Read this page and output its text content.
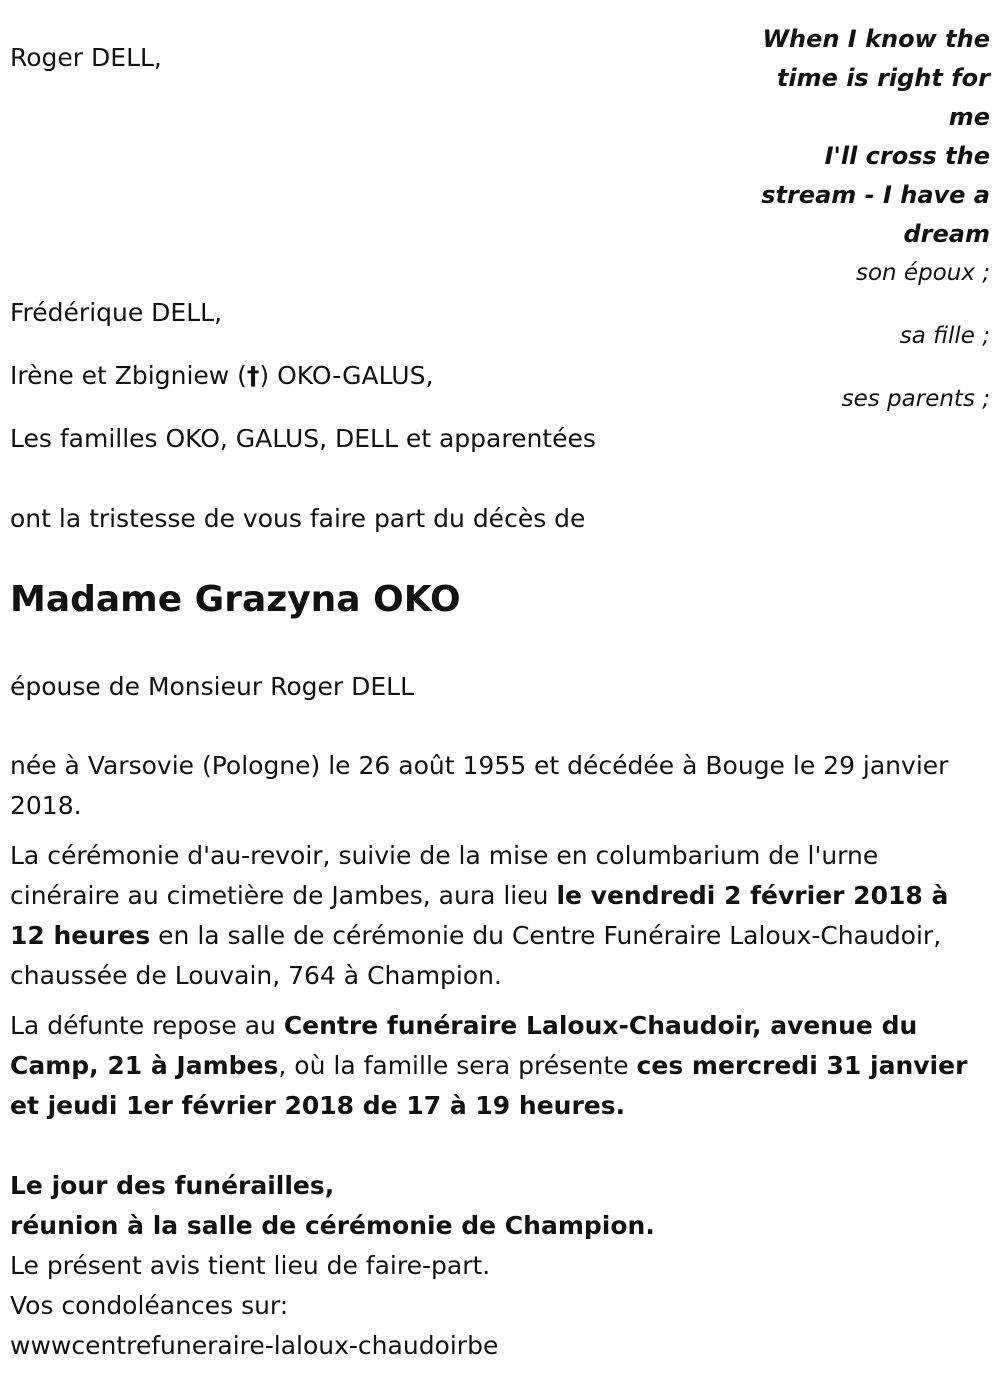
When I know the
time is right for
me
I'll cross the
stream - I have a
dream
Roger DELL,
son époux ;
Frédérique DELL,
sa fille ;
Irène et Zbigniew (†) OKO-GALUS,
ses parents ;
Les familles OKO, GALUS, DELL et apparentées
ont la tristesse de vous faire part du décès de
Madame Grazyna OKO
épouse de Monsieur Roger DELL
née à Varsovie (Pologne) le 26 août 1955 et décédée à Bouge le 29 janvier 2018.
La cérémonie d'au-revoir, suivie de la mise en columbarium de l'urne cinéraire au cimetière de Jambes, aura lieu le vendredi 2 février 2018 à 12 heures en la salle de cérémonie du Centre Funéraire Laloux-Chaudoir, chaussée de Louvain, 764 à Champion.
La défunte repose au Centre funéraire Laloux-Chaudoir, avenue du Camp, 21 à Jambes, où la famille sera présente ces mercredi 31 janvier et jeudi 1er février 2018 de 17 à 19 heures.
Le jour des funérailles,
réunion à la salle de cérémonie de Champion.
Le présent avis tient lieu de faire-part.
Vos condoléances sur:
wwwcentrefuneraire-laloux-chaudoirbe
